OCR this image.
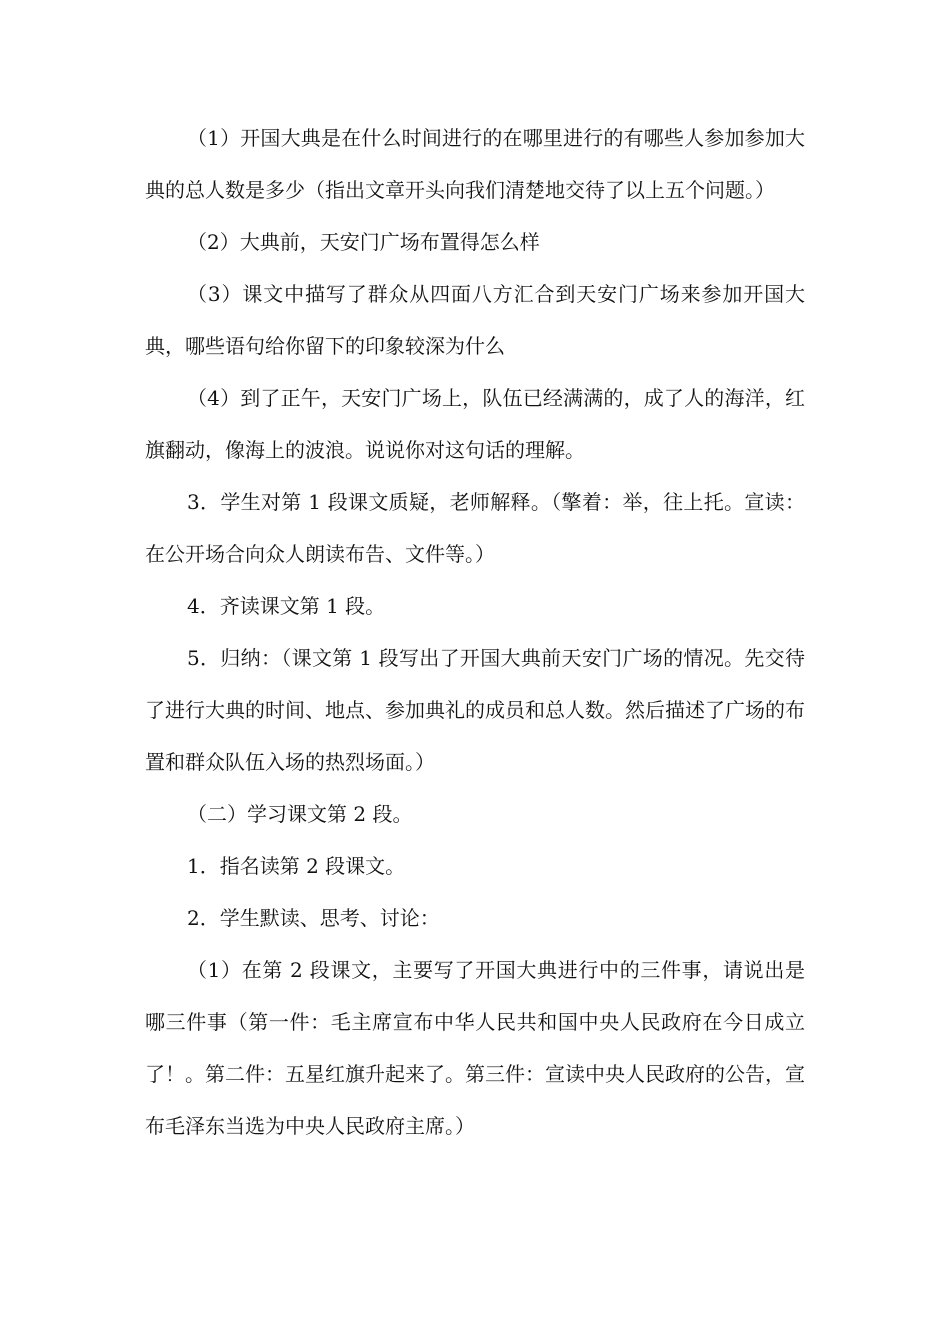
（1）开国大典是在什么时间进行的在哪里进行的有哪些人参加参加大典的总人数是多少（指出文章开头向我们清楚地交待了以上五个问题。）

（2）大典前，天安门广场布置得怎么样

（3）课文中描写了群众从四面八方汇合到天安门广场来参加开国大典，哪些语句给你留下的印象较深为什么

（4）到了正午，天安门广场上，队伍已经满满的，成了人的海洋，红旗翻动，像海上的波浪。说说你对这句话的理解。

3．学生对第 1 段课文质疑，老师解释。（擎着：举，往上托。宣读：在公开场合向众人朗读布告、文件等。）

4．齐读课文第 1 段。

5．归纳：（课文第 1 段写出了开国大典前天安门广场的情况。先交待了进行大典的时间、地点、参加典礼的成员和总人数。然后描述了广场的布置和群众队伍入场的热烈场面。）

（二）学习课文第 2 段。

1．指名读第 2 段课文。

2．学生默读、思考、讨论：

（1）在第 2 段课文，主要写了开国大典进行中的三件事，请说出是哪三件事（第一件：毛主席宣布中华人民共和国中央人民政府在今日成立了！。第二件：五星红旗升起来了。第三件：宣读中央人民政府的公告，宣布毛泽东当选为中央人民政府主席。）
